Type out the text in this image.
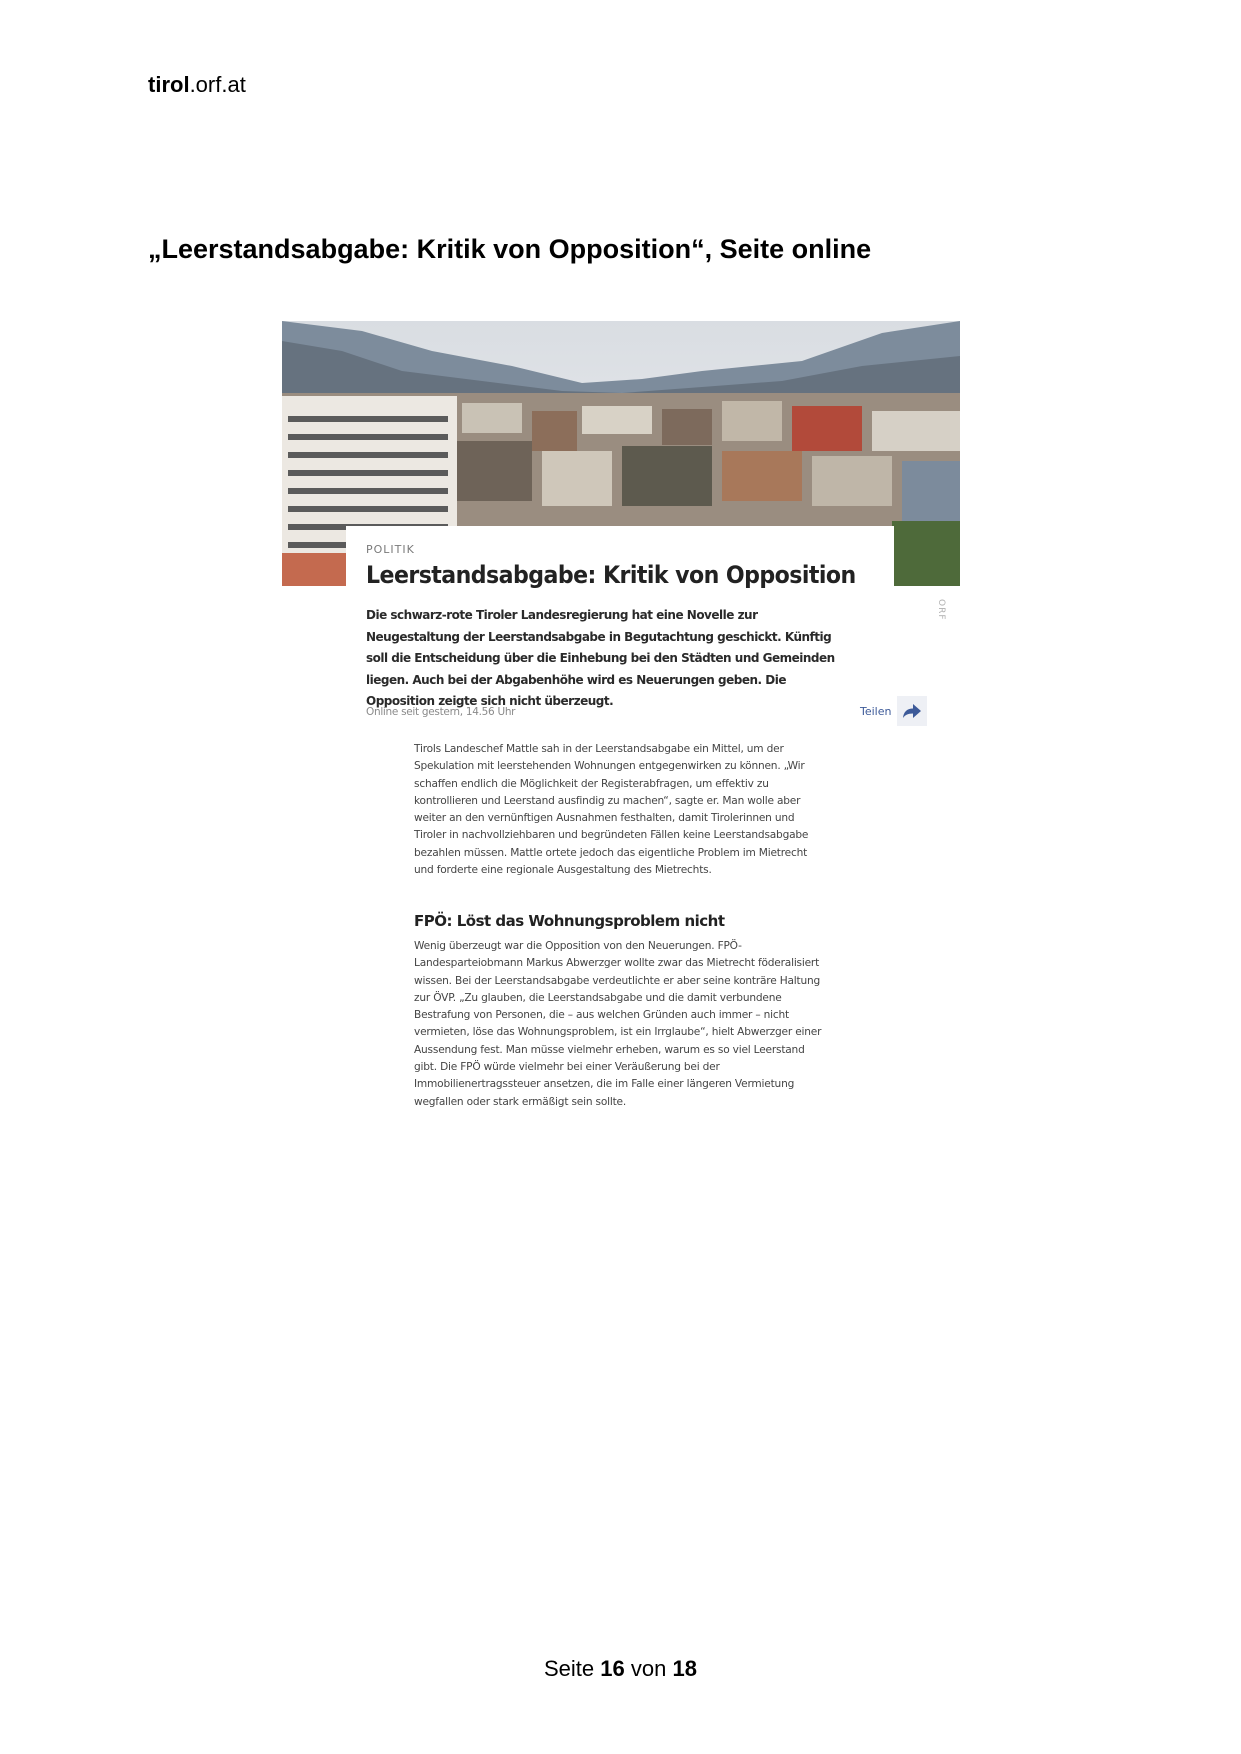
tirol.orf.at
„Leerstandsabgabe: Kritik von Opposition“, Seite online
ORF
POLITIK
Leerstandsabgabe: Kritik von Opposition

Die schwarz-rote Tiroler Landesregierung hat eine Novelle zur Neugestaltung der Leerstandsabgabe in Begutachtung geschickt. Künftig soll die Entscheidung über die Einhebung bei den Städten und Gemeinden liegen. Auch bei der Abgabenhöhe wird es Neuerungen geben. Die Opposition zeigte sich nicht überzeugt.

Online seit gestern, 14.56 Uhr	Teilen

Tirols Landeschef Mattle sah in der Leerstandsabgabe ein Mittel, um der Spekulation mit leerstehenden Wohnungen entgegenwirken zu können. „Wir schaffen endlich die Möglichkeit der Registerabfragen, um effektiv zu kontrollieren und Leerstand ausfindig zu machen“, sagte er. Man wolle aber weiter an den vernünftigen Ausnahmen festhalten, damit Tirolerinnen und Tiroler in nachvollziehbaren und begründeten Fällen keine Leerstandsabgabe bezahlen müssen. Mattle ortete jedoch das eigentliche Problem im Mietrecht und forderte eine regionale Ausgestaltung des Mietrechts.

FPÖ: Löst das Wohnungsproblem nicht

Wenig überzeugt war die Opposition von den Neuerungen. FPÖ-Landesparteiobmann Markus Abwerzger wollte zwar das Mietrecht föderalisiert wissen. Bei der Leerstandsabgabe verdeutlichte er aber seine konträre Haltung zur ÖVP. „Zu glauben, die Leerstandsabgabe und die damit verbundene Bestrafung von Personen, die – aus welchen Gründen auch immer – nicht vermieten, löse das Wohnungsproblem, ist ein Irrglaube“, hielt Abwerzger einer Aussendung fest. Man müsse vielmehr erheben, warum es so viel Leerstand gibt. Die FPÖ würde vielmehr bei einer Veräußerung bei der Immobilienertragssteuer ansetzen, die im Falle einer längeren Vermietung wegfallen oder stark ermäßigt sein sollte.

Seite 16 von 18
